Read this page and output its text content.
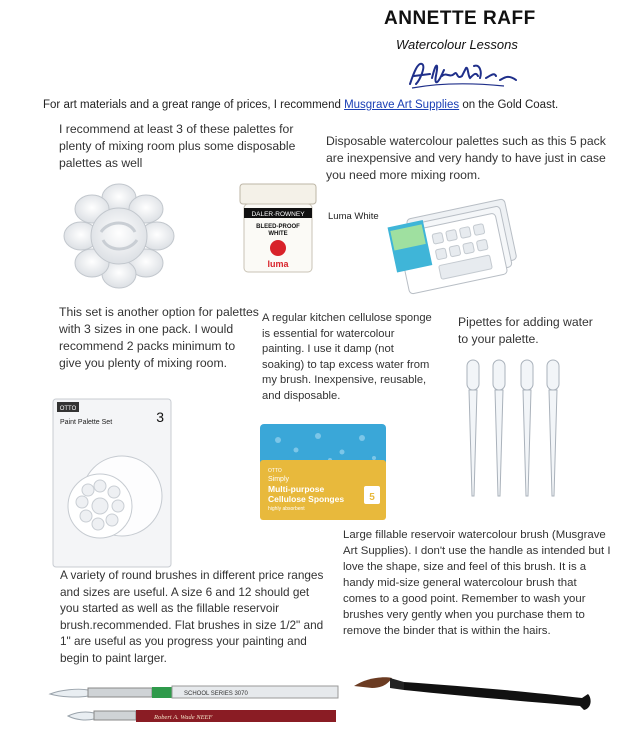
ANNETTE RAFF
Watercolour Lessons
For art materials and a great range of prices, I recommend Musgrave Art Supplies on the Gold Coast.
I recommend at least 3 of these palettes for plenty of mixing room plus some disposable palettes as well
Disposable watercolour palettes such as this 5 pack are inexpensive and very handy to have just in case you need more mixing room.
This set is another option for palettes with 3 sizes in one pack. I would recommend 2 packs minimum to give you plenty of mixing room.
A regular kitchen cellulose sponge is essential for watercolour painting. I use it damp (not soaking) to tap excess water from my brush. Inexpensive, reusable, and disposable.
Pipettes for adding water to your palette.
Large fillable reservoir watercolour brush (Musgrave Art Supplies). I don't use the handle as intended but I love the shape, size and feel of this brush. It is a handy mid-size general watercolour brush that comes to a good point. Remember to wash your brushes very gently when you purchase them to remove the binder that is within the hairs.
A variety of round brushes in different price ranges and sizes are useful. A size 6 and 12 should get you started as well as the fillable reservoir brush.recommended. Flat brushes in size 1/2" and 1" are useful as you progress your painting and begin to paint larger.
Luma White
DALER·ROWNEY
BLEED-PROOF
WHITE
luma
OTTO
Paint Palette Set	3
OTTO
Simply
Multi-purpose
Cellulose Sponges
highly absorbent
5
SCHOOL SERIES 3070
Robert A. Wade NEEF
